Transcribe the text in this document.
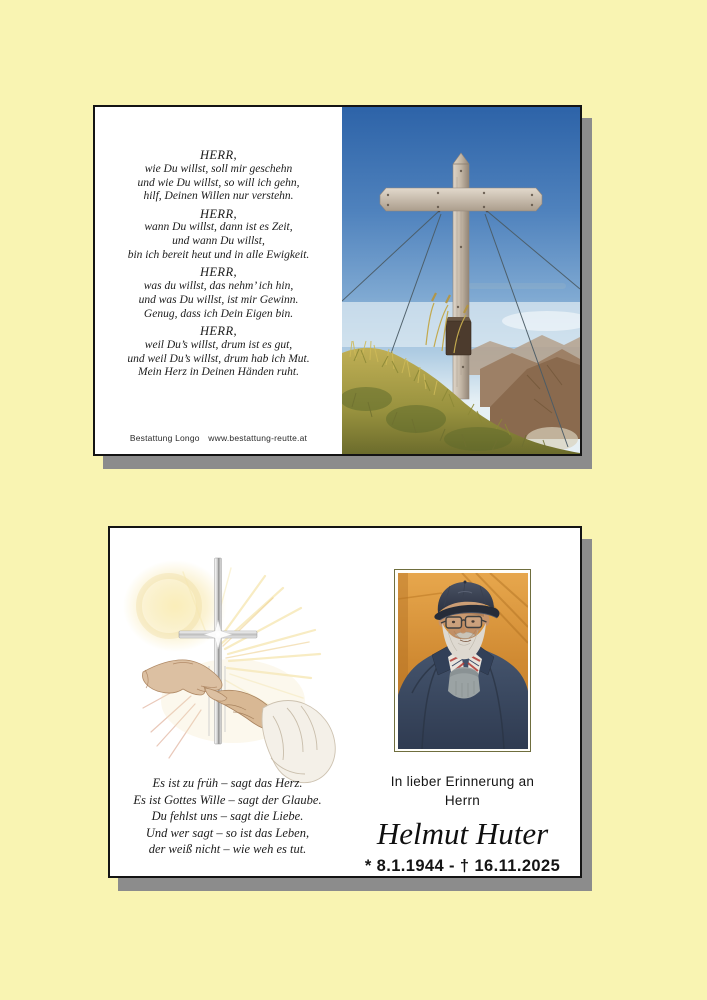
HERR,
wie Du willst, soll mir geschehn
und wie Du willst, so will ich gehn,
hilf, Deinen Willen nur verstehn.
HERR,
wann Du willst, dann ist es Zeit,
und wann Du willst,
bin ich bereit heut und in alle Ewigkeit.
HERR,
was du willst, das nehm’ ich hin,
und was Du willst, ist mir Gewinn.
Genug, dass ich Dein Eigen bin.
HERR,
weil Du’s willst, drum ist es gut,
und weil Du’s willst, drum hab ich Mut.
Mein Herz in Deinen Händen ruht.
Bestattung Longo www.bestattung-reutte.at
Es ist zu früh – sagt das Herz.
Es ist Gottes Wille – sagt der Glaube.
Du fehlst uns – sagt die Liebe.
Und wer sagt – so ist das Leben,
der weiß nicht – wie weh es tut.
In lieber Erinnerung an
Herrn
Helmut Huter
* 8.1.1944 - † 16.11.2025
